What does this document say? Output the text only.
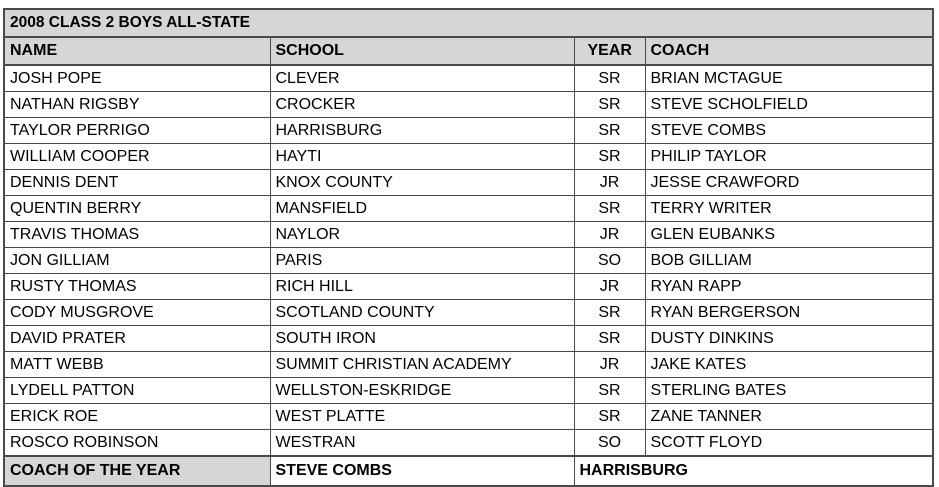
2008 CLASS 2 BOYS ALL-STATE			
NAME	SCHOOL	YEAR	COACH
JOSH POPE	CLEVER	SR	BRIAN MCTAGUE
NATHAN RIGSBY	CROCKER	SR	STEVE SCHOLFIELD
TAYLOR PERRIGO	HARRISBURG	SR	STEVE COMBS
WILLIAM COOPER	HAYTI	SR	PHILIP TAYLOR
DENNIS DENT	KNOX COUNTY	JR	JESSE CRAWFORD
QUENTIN BERRY	MANSFIELD	SR	TERRY WRITER
TRAVIS THOMAS	NAYLOR	JR	GLEN EUBANKS
JON GILLIAM	PARIS	SO	BOB GILLIAM
RUSTY THOMAS	RICH HILL	JR	RYAN RAPP
CODY MUSGROVE	SCOTLAND COUNTY	SR	RYAN BERGERSON
DAVID PRATER	SOUTH IRON	SR	DUSTY DINKINS
MATT WEBB	SUMMIT CHRISTIAN ACADEMY	JR	JAKE KATES
LYDELL PATTON	WELLSTON-ESKRIDGE	SR	STERLING BATES
ERICK ROE	WEST PLATTE	SR	ZANE TANNER
ROSCO ROBINSON	WESTRAN	SO	SCOTT FLOYD
COACH OF THE YEAR	STEVE COMBS	HARRISBURG	
